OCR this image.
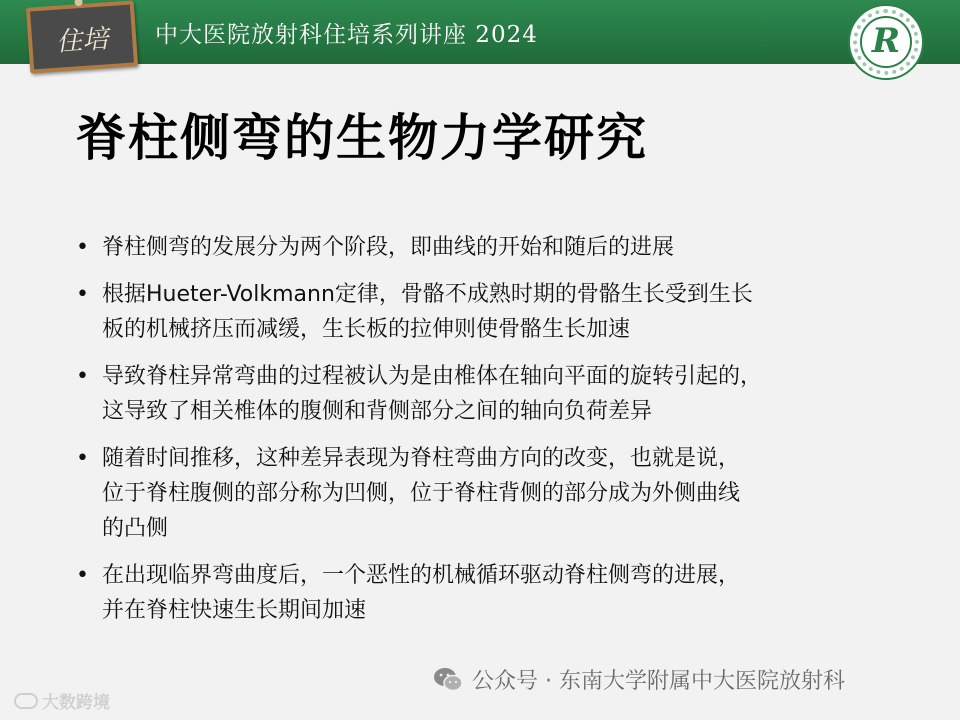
住培	中大医院放射科住培系列讲座 2024	R
脊柱侧弯的生物力学研究
• 脊柱侧弯的发展分为两个阶段，即曲线的开始和随后的进展
• 根据Hueter-Volkmann定律，骨骼不成熟时期的骨骼生长受到生长
板的机械挤压而减缓，生长板的拉伸则使骨骼生长加速
• 导致脊柱异常弯曲的过程被认为是由椎体在轴向平面的旋转引起的，
这导致了相关椎体的腹侧和背侧部分之间的轴向负荷差异
• 随着时间推移，这种差异表现为脊柱弯曲方向的改变，也就是说，
位于脊柱腹侧的部分称为凹侧，位于脊柱背侧的部分成为外侧曲线
的凸侧
• 在出现临界弯曲度后，一个恶性的机械循环驱动脊柱侧弯的进展，
并在脊柱快速生长期间加速
公众号 · 东南大学附属中大医院放射科
大数跨境
